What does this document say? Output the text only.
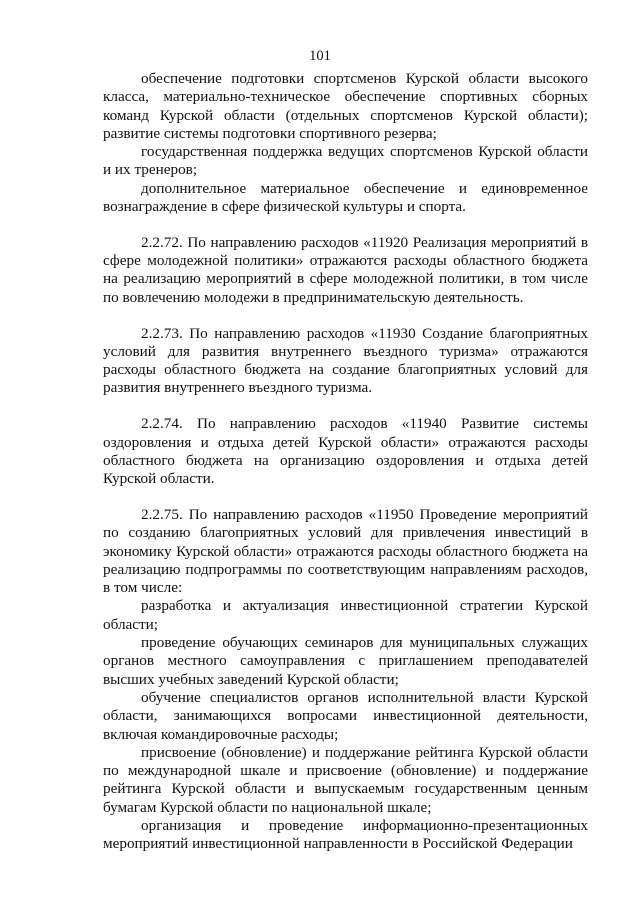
101

обеспечение подготовки спортсменов Курской области высокого класса, материально-техническое обеспечение спортивных сборных команд Курской области (отдельных спортсменов Курской области); развитие системы подготовки спортивного резерва;

государственная поддержка ведущих спортсменов Курской области и их тренеров;

дополнительное материальное обеспечение и единовременное вознаграждение в сфере физической культуры и спорта.

2.2.72. По направлению расходов «11920 Реализация мероприятий в сфере молодежной политики» отражаются расходы областного бюджета на реализацию мероприятий в сфере молодежной политики, в том числе по вовлечению молодежи в предпринимательскую деятельность.

2.2.73. По направлению расходов «11930 Создание благоприятных условий для развития внутреннего въездного туризма» отражаются расходы областного бюджета на создание благоприятных условий для развития внутреннего въездного туризма.

2.2.74. По направлению расходов «11940 Развитие системы оздоровления и отдыха детей Курской области» отражаются расходы областного бюджета на организацию оздоровления и отдыха детей Курской области.

2.2.75. По направлению расходов «11950 Проведение мероприятий по созданию благоприятных условий для привлечения инвестиций в экономику Курской области» отражаются расходы областного бюджета на реализацию подпрограммы по соответствующим направлениям расходов, в том числе:

разработка и актуализация инвестиционной стратегии Курской области;

проведение обучающих семинаров для муниципальных служащих органов местного самоуправления с приглашением преподавателей высших учебных заведений Курской области;

обучение специалистов органов исполнительной власти Курской области, занимающихся вопросами инвестиционной деятельности, включая командировочные расходы;

присвоение (обновление) и поддержание рейтинга Курской области по международной шкале и присвоение (обновление) и поддержание рейтинга Курской области и выпускаемым государственным ценным бумагам Курской области по национальной шкале;

организация и проведение информационно-презентационных мероприятий инвестиционной направленности в Российской Федерации
